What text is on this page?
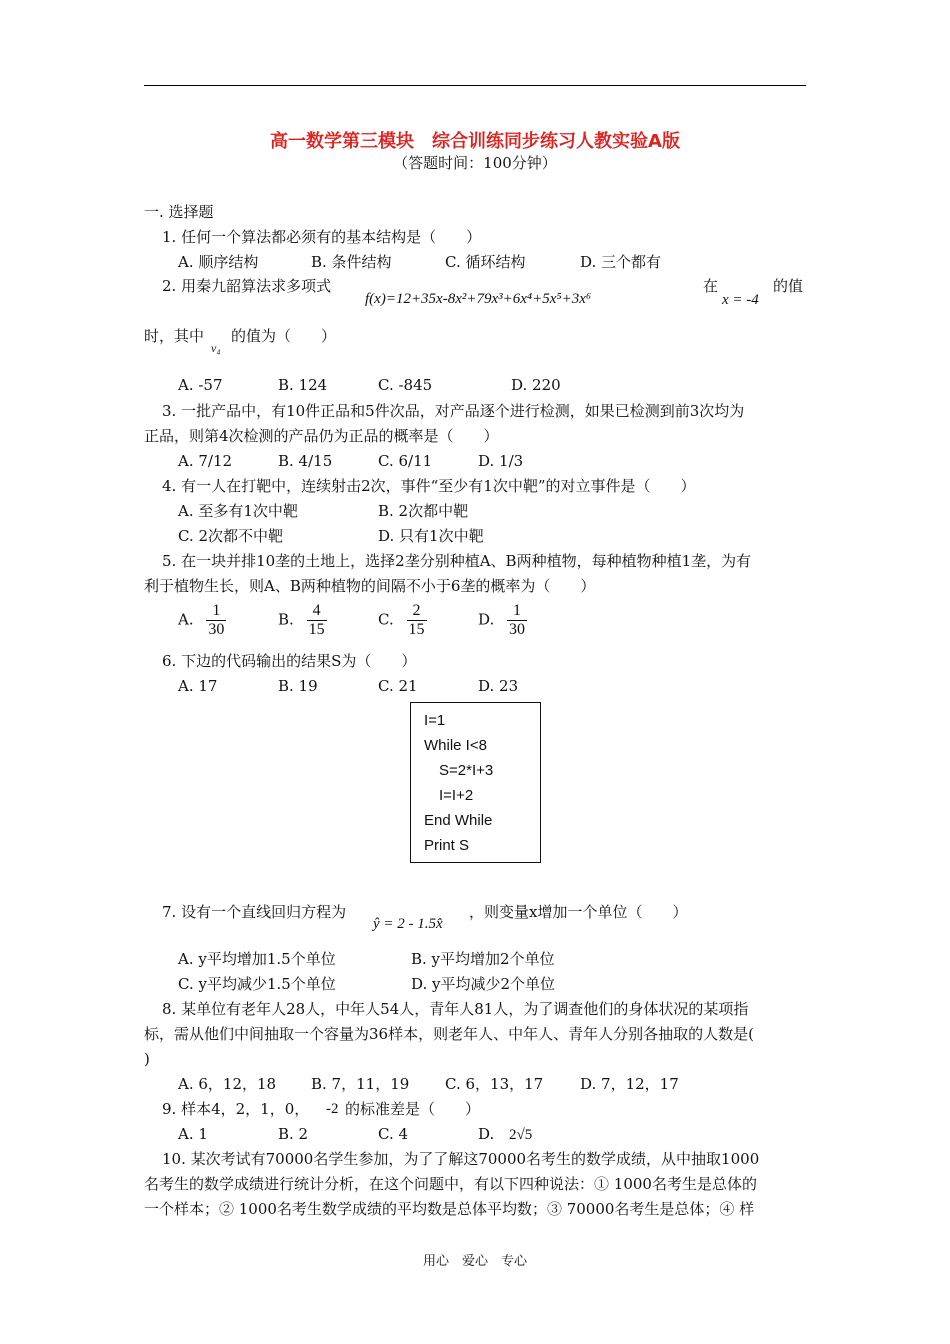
高一数学第三模块　综合训练同步练习人教实验A版
（答题时间：100分钟）
一. 选择题
1. 任何一个算法都必须有的基本结构是（　　）
A. 顺序结构	B. 条件结构	C. 循环结构	D. 三个都有
2. 用秦九韶算法求多项式
f(x)=12+35x-8x²+79x³+6x⁴+5x⁵+3x⁶
在
x = -4
的值
时，其中
v₄
的值为（　　）
A. -57	B. 124	C. -845	D. 220
3. 一批产品中，有10件正品和5件次品，对产品逐个进行检测，如果已检测到前3次均为
正品，则第4次检测的产品仍为正品的概率是（　　）
A. 7/12	B. 4/15	C. 6/11	D. 1/3
4. 有一人在打靶中，连续射击2次，事件“至少有1次中靶”的对立事件是（　　）
A. 至多有1次中靶	B. 2次都中靶
C. 2次都不中靶	D. 只有1次中靶
5. 在一块并排10垄的土地上，选择2垄分别种植A、B两种植物，每种植物种植1垄，为有
利于植物生长，则A、B两种植物的间隔不小于6垄的概率为（　　）
A. $\frac{1}{30}$	B. $\frac{4}{15}$	C. $\frac{2}{15}$	D. $\frac{1}{30}$
6. 下边的代码输出的结果S为（　　）
A. 17	B. 19	C. 21	D. 23
I=1
While I<8
S=2*I+3
I=I+2
End While
Print S
7. 设有一个直线回归方程为
ŷ = 2 - 1.5x̂
，则变量x增加一个单位（　　）
A. y平均增加1.5个单位	B. y平均增加2个单位
C. y平均减少1.5个单位	D. y平均减少2个单位
8. 某单位有老年人28人，中年人54人，青年人81人，为了调查他们的身体状况的某项指
标，需从他们中间抽取一个容量为36样本，则老年人、中年人、青年人分别各抽取的人数是(
)
A. 6，12，18 B. 7，11，19 C. 6，13，17 D. 7，12，17
9. 样本4，2，1，0， -2 的标准差是（　　）
A. 1	B. 2	C. 4	D. 2√5
10. 某次考试有70000名学生参加，为了了解这70000名考生的数学成绩，从中抽取1000
名考生的数学成绩进行统计分析，在这个问题中，有以下四种说法：① 1000名考生是总体的
一个样本；② 1000名考生数学成绩的平均数是总体平均数；③ 70000名考生是总体；④ 样
用心　爱心　专心
